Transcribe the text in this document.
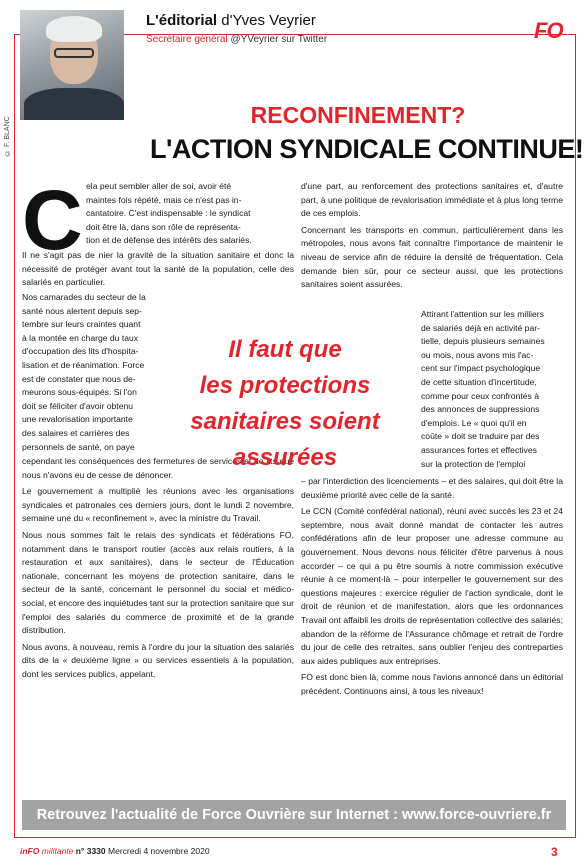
© F. BLANC
L'éditorial d'Yves Veyrier
Secrétaire général @YVeyrier sur Twitter	FO
RECONFINEMENT?
L'ACTION SYNDICALE CONTINUE!
C ela peut sembler aller de soi, avoir été

maintes fois répété, mais ce n'est pas in-

cantatoire. C'est indispensable : le syndicat

doit être là, dans son rôle de représenta-

tion et de défense des intérêts des salariés.

Il ne s'agit pas de nier la gravité de la situation sanitaire et donc la nécessité de protéger avant tout la santé de la population, celle des salariés en particulier.

Nos camarades du secteur de la

santé nous alertent depuis sep-

tembre sur leurs craintes quant

à la montée en charge du taux

d'occupation des lits d'hospita-

lisation et de réanimation. Force

est de constater que nous de-

meurons sous-équipés. Si l'on

doit se féliciter d'avoir obtenu

une revalorisation importante

des salaires et carrières des

personnels de santé, on paye

cependant les conséquences des fermetures de services et de lits que nous n'avons eu de cesse de dénoncer.

Le gouvernement a multiplié les réunions avec les organisations syndicales et patronales ces derniers jours, dont le lundi 2 novembre, semaine une du « reconfinement », avec la ministre du Travail.

Nous nous sommes fait le relais des syndicats et fédérations FO, notamment dans le transport routier (accès aux relais routiers, à la restauration et aux sanitaires), dans le secteur de l'Éducation nationale, concernant les moyens de protection sanitaire, dans le secteur de la santé, concernant le personnel du social et médico-social, et encore des inquiétudes tant sur la protection sanitaire que sur l'emploi des salariés du commerce de proximité et de la grande distribution.

Nous avons, à nouveau, remis à l'ordre du jour la situation des salariés dits de la « deuxième ligne » ou services essentiels à la population, dont les services publics, appelant,

d'une part, au renforcement des protections sanitaires et, d'autre part, à une politique de revalorisation immédiate et à plus long terme de ces emplois.

Concernant les transports en commun, particulièrement dans les métropoles, nous avons fait connaître l'importance de maintenir le niveau de service afin de réduire la densité de fréquentation. Cela demande bien sûr, pour ce secteur aussi, que les protections sanitaires soient assurées.

Attirant l'attention sur les milliers

de salariés déjà en activité par-

tielle, depuis plusieurs semaines

ou mois, nous avons mis l'ac-

cent sur l'impact psychologique

de cette situation d'incertitude,

comme pour ceux confrontés à

des annonces de suppressions

d'emplois. Le « quoi qu'il en

coûte » doit se traduire par des

assurances fortes et effectives

sur la protection de l'emploi

– par l'interdiction des licenciements – et des salaires, qui doit être la deuxième priorité avec celle de la santé.

Le CCN (Comité confédéral national), réuni avec succès les 23 et 24 septembre, nous avait donné mandat de contacter les autres confédérations afin de leur proposer une adresse commune au gouvernement. Nous devons nous féliciter d'être parvenus à nous accorder – ce qui a pu être soumis à notre commission exécutive réunie à ce moment-là – pour interpeller le gouvernement sur des questions majeures : exercice régulier de l'action syndicale, dont le droit de réunion et de manifestation, alors que les ordonnances Travail ont affaibli les droits de représentation collective des salariés; abandon de la réforme de l'Assurance chômage et retrait de l'ordre du jour de celle des retraites, sans oublier l'enjeu des contreparties aux aides publiques aux entreprises.

FO est donc bien là, comme nous l'avions annoncé dans un éditorial précédent. Continuons ainsi, à tous les niveaux!

Il faut que
les protections
sanitaires soient
assurées
Retrouvez l'actualité de Force Ouvrière sur Internet : www.force-ouvriere.fr
inFO militante n° 3330 Mercredi 4 novembre 2020	3
